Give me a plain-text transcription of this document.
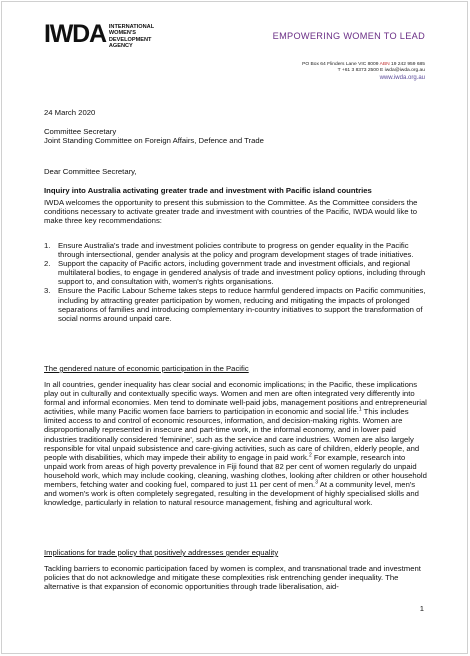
IWDA INTERNATIONAL
WOMEN'S
DEVELOPMENT
AGENCY
EMPOWERING WOMEN TO LEAD
PO Box 64 Flinders Lane VIC 8009 ABN 19 242 959 685
T +61 3 8373 2500 E iwda@iwda.org.au
www.iwda.org.au
24 March 2020
Committee Secretary
Joint Standing Committee on Foreign Affairs, Defence and Trade
Dear Committee Secretary,
Inquiry into Australia activating greater trade and investment with Pacific island countries
IWDA welcomes the opportunity to present this submission to the Committee. As the Committee considers the conditions necessary to activate greater trade and investment with countries of the Pacific, IWDA would like to make three key recommendations:
1. Ensure Australia's trade and investment policies contribute to progress on gender equality in the Pacific through intersectional, gender analysis at the policy and program development stages of trade initiatives.
2. Support the capacity of Pacific actors, including government trade and investment officials, and regional multilateral bodies, to engage in gendered analysis of trade and investment policy options, including through support to, and consultation with, women's rights organisations.
3. Ensure the Pacific Labour Scheme takes steps to reduce harmful gendered impacts on Pacific communities, including by attracting greater participation by women, reducing and mitigating the impacts of prolonged separations of families and introducing complementary in-country initiatives to support the transformation of social norms around unpaid care.
The gendered nature of economic participation in the Pacific
In all countries, gender inequality has clear social and economic implications; in the Pacific, these implications play out in culturally and contextually specific ways. Women and men are often integrated very differently into formal and informal economies. Men tend to dominate well-paid jobs, management positions and entrepreneurial activities, while many Pacific women face barriers to participation in economic and social life.$^1$ This includes limited access to and control of economic resources, information, and decision-making rights. Women are disproportionally represented in insecure and part-time work, in the informal economy, and in lower paid industries traditionally considered 'feminine', such as the service and care industries. Women are also largely responsible for vital unpaid subsistence and care-giving activities, such as care of children, elderly people, and people with disabilities, which may impede their ability to engage in paid work.$^2$ For example, research into unpaid work from areas of high poverty prevalence in Fiji found that 82 per cent of women regularly do unpaid household work, which may include cooking, cleaning, washing clothes, looking after children or other household members, fetching water and cooking fuel, compared to just 11 per cent of men.$^3$ At a community level, men's and women's work is often completely segregated, resulting in the development of highly specialised skills and knowledge, particularly in relation to natural resource management, fishing and agricultural work.
Implications for trade policy that positively addresses gender equality
Tackling barriers to economic participation faced by women is complex, and transnational trade and investment policies that do not acknowledge and mitigate these complexities risk entrenching gender inequality. The alternative is that expansion of economic opportunities through trade liberalisation, aid-
1
